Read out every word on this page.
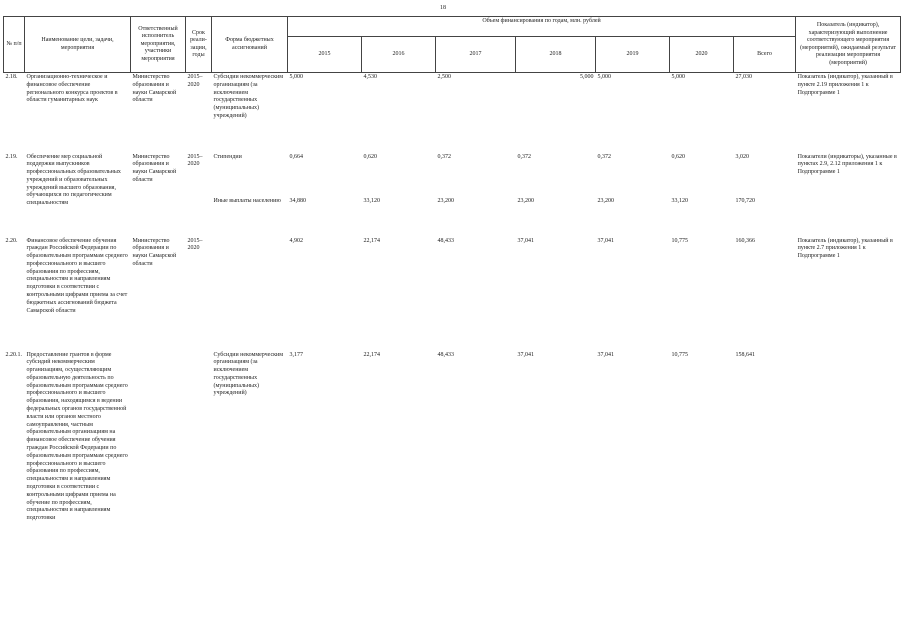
18
№ п/п	Наименование цели, задачи, мероприятия	Ответственный исполнитель мероприятия, участники мероприятия	Срок реали-зации, годы	Форма бюджетных ассигнований	Объем финансирования по годам, млн. рублей							Показатель (индикатор), характеризующий выполнение соответствующего мероприятия (мероприятий), ожидаемый результат реализации мероприятия (мероприятий)
					2015	2016	2017	2018	2019	2020	Всего	
2.18.	Организационно-техническое и финансовое обеспечение регионального конкурса проектов в области гуманитарных наук	Министерство образования и науки Самарской области	2015–2020	Субсидии некоммерческим организациям (за исключением государственных (муниципальных) учреждений)	5,000	4,530	2,500	5,000	5,000	5,000	27,030	Показатель (индикатор), указанный в пункте 2.19 приложения 1 к Подпрограмме 1
2.19.	Обеспечение мер социальной поддержки выпускников профессиональных образовательных учреждений и образовательных учреждений высшего образования, обучающихся по педагогическим специальностям	Министерство образования и науки Самарской области	2015–2020	Стипендии	0,664	0,620	0,372	0,372	0,372	0,620	3,020	Показатели (индикаторы), указанные в пунктах 2.9, 2.12 приложения 1 к Подпрограмме 1
				Иные выплаты населению	34,880	33,120	23,200	23,200	23,200	33,120	170,720	
2.20.	Финансовое обеспечение обучения граждан Российской Федерации по образовательным программам среднего профессионального и высшего образования по профессиям, специальностям и направлениям подготовки в соответствии с контрольными цифрами приема за счет бюджетных ассигнований бюджета Самарской области	Министерство образования и науки Самарской области	2015–2020		4,902	22,174	48,433	37,041	37,041	10,775	160,366	Показатель (индикатор), указанный в пункте 2.7 приложения 1 к Подпрограмме 1
2.20.1.	Предоставление грантов в форме субсидий некоммерческим организациям, осуществляющим образовательную деятельность по образовательным программам среднего профессионального и высшего образования, находящимся в ведении федеральных органов государственной власти или органов местного самоуправления, частным образовательным организациям на финансовое обеспечение обучения граждан Российской Федерации по образовательным программам среднего профессионального и высшего образования по профессиям, специальностям и направлениям подготовки в соответствии с контрольными цифрами приема на обучение по профессиям, специальностям и направлениям подготовки			Субсидии некоммерческим организациям (за исключением государственных (муниципальных) учреждений)	3,177	22,174	48,433	37,041	37,041	10,775	158,641	
